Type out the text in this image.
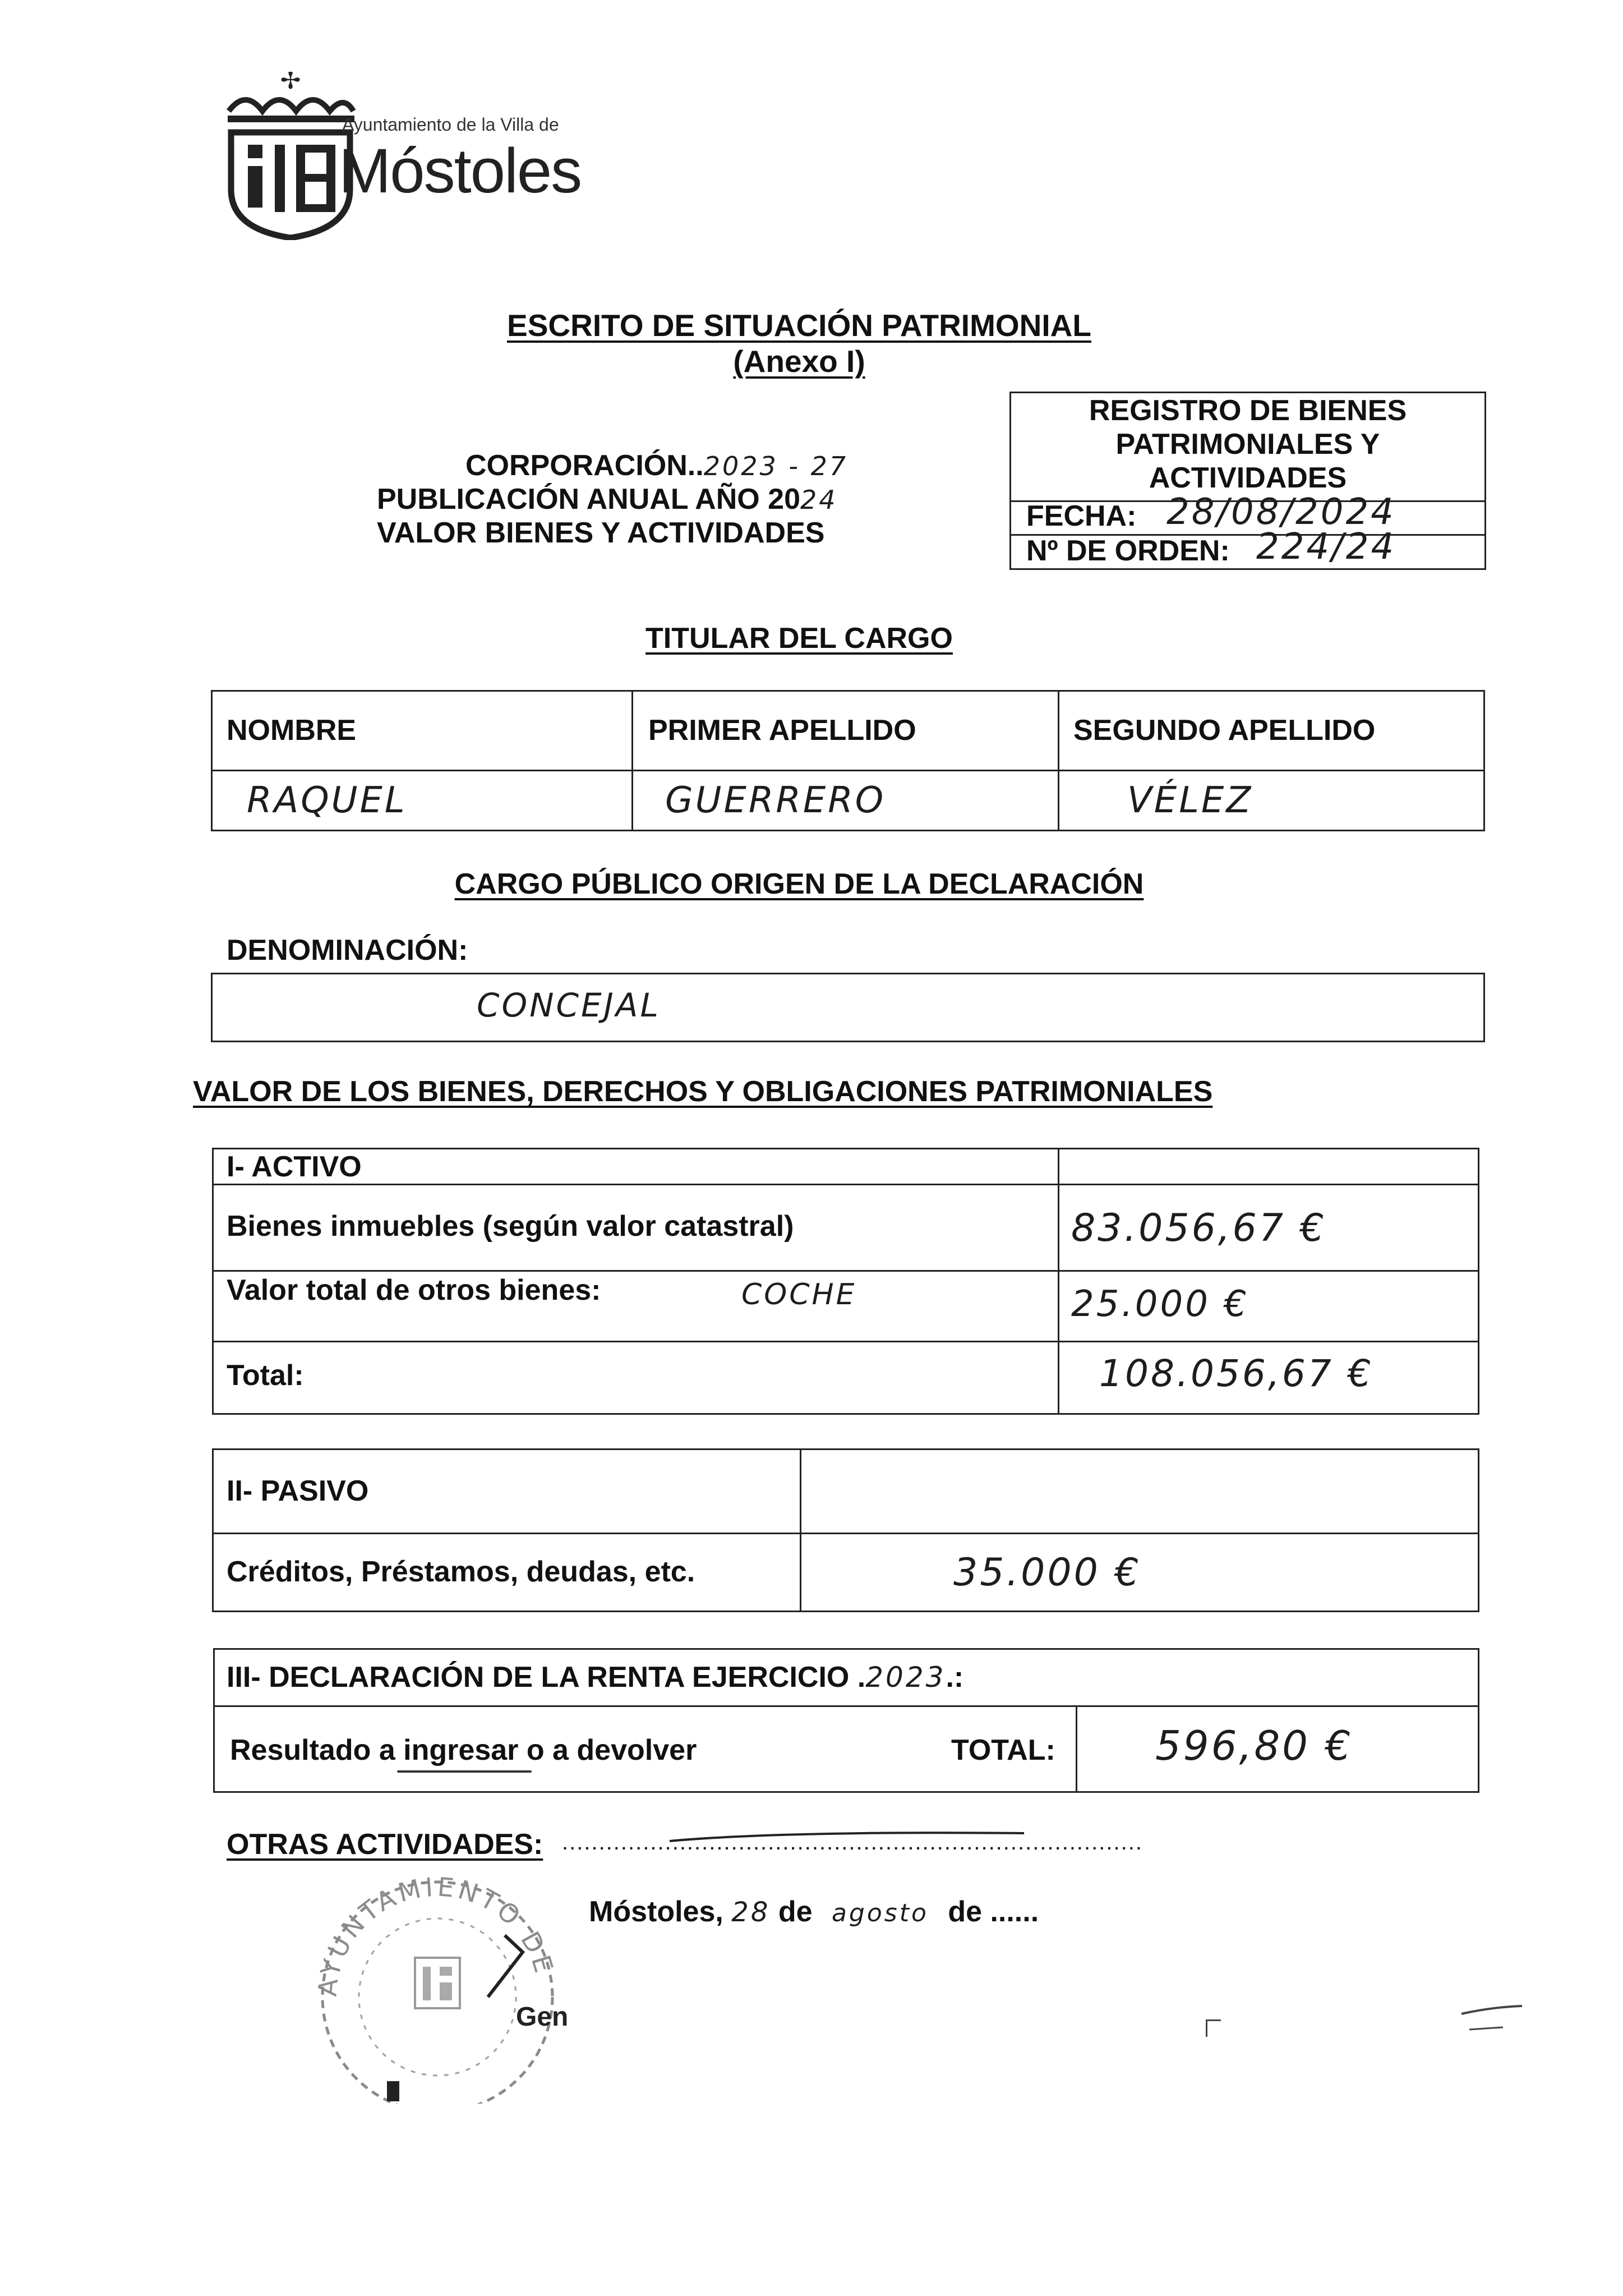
✢
Ayuntamiento de la Villa de
Móstoles
ESCRITO DE SITUACIÓN PATRIMONIAL
(Anexo I)
CORPORACIÓN..2023 - 27
PUBLICACIÓN ANUAL AÑO 2024
VALOR BIENES Y ACTIVIDADES
REGISTRO DE BIENES
PATRIMONIALES Y
ACTIVIDADES
FECHA: 28/08/2024
Nº DE ORDEN: 224/24
TITULAR DEL CARGO
NOMBRE	PRIMER APELLIDO	SEGUNDO APELLIDO
RAQUEL	GUERRERO	VÉLEZ
CARGO PÚBLICO ORIGEN DE LA DECLARACIÓN
DENOMINACIÓN:
CONCEJAL
VALOR DE LOS BIENES, DERECHOS Y OBLIGACIONES PATRIMONIALES
I- ACTIVO
Bienes inmuebles (según valor catastral)	83.056,67 €
Valor total de otros bienes:	COCHE	25.000 €
Total:	108.056,67 €
II- PASIVO
Créditos, Préstamos, deudas, etc.	35.000 €
III- DECLARACIÓN DE LA RENTA EJERCICIO .2023.:
Resultado a ingresar o a devolver	TOTAL: 596,80 €
OTRAS ACTIVIDADES: ...............................................................................
Móstoles, 28 de agosto de ......
AYUNTAMIENTO DE
Gen
